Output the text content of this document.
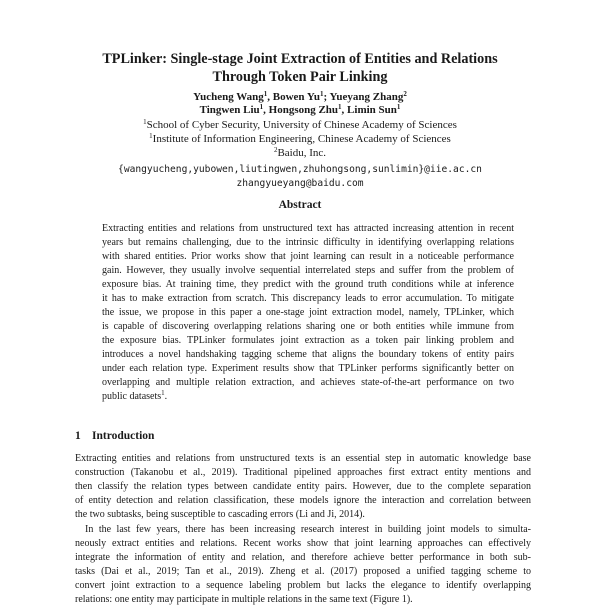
TPLinker: Single-stage Joint Extraction of Entities and Relations
Through Token Pair Linking
Yucheng Wang$^1$, Bowen Yu$^1$; Yueyang Zhang$^2$
Tingwen Liu$^1$, Hongsong Zhu$^1$, Limin Sun$^1$
$^1$School of Cyber Security, University of Chinese Academy of Sciences
$^1$Institute of Information Engineering, Chinese Academy of Sciences
$^2$Baidu, Inc.
{wangyucheng,yubowen,liutingwen,zhuhongsong,sunlimin}@iie.ac.cn
zhangyueyang@baidu.com
Abstract
Extracting entities and relations from unstructured text has attracted increasing attention in recent
years but remains challenging, due to the intrinsic difficulty in identifying overlapping relations
with shared entities. Prior works show that joint learning can result in a noticeable performance
gain. However, they usually involve sequential interrelated steps and suffer from the problem of
exposure bias. At training time, they predict with the ground truth conditions while at inference
it has to make extraction from scratch. This discrepancy leads to error accumulation. To mitigate
the issue, we propose in this paper a one-stage joint extraction model, namely, TPLinker, which
is capable of discovering overlapping relations sharing one or both entities while immune from
the exposure bias. TPLinker formulates joint extraction as a token pair linking problem and
introduces a novel handshaking tagging scheme that aligns the boundary tokens of entity pairs
under each relation type. Experiment results show that TPLinker performs significantly better on
overlapping and multiple relation extraction, and achieves state-of-the-art performance on two
public datasets$^1$.
1 Introduction
Extracting entities and relations from unstructured texts is an essential step in automatic knowledge base
construction (Takanobu et al., 2019). Traditional pipelined approaches first extract entity mentions and
then classify the relation types between candidate entity pairs. However, due to the complete separation
of entity detection and relation classification, these models ignore the interaction and correlation between
the two subtasks, being susceptible to cascading errors (Li and Ji, 2014).
In the last few years, there has been increasing research interest in building joint models to simulta-
neously extract entities and relations. Recent works show that joint learning approaches can effectively
integrate the information of entity and relation, and therefore achieve better performance in both sub-
tasks (Dai et al., 2019; Tan et al., 2019). Zheng et al. (2017) proposed a unified tagging scheme to
convert joint extraction to a sequence labeling problem but lacks the elegance to identify overlapping
relations: one entity may participate in multiple relations in the same text (Figure 1).
